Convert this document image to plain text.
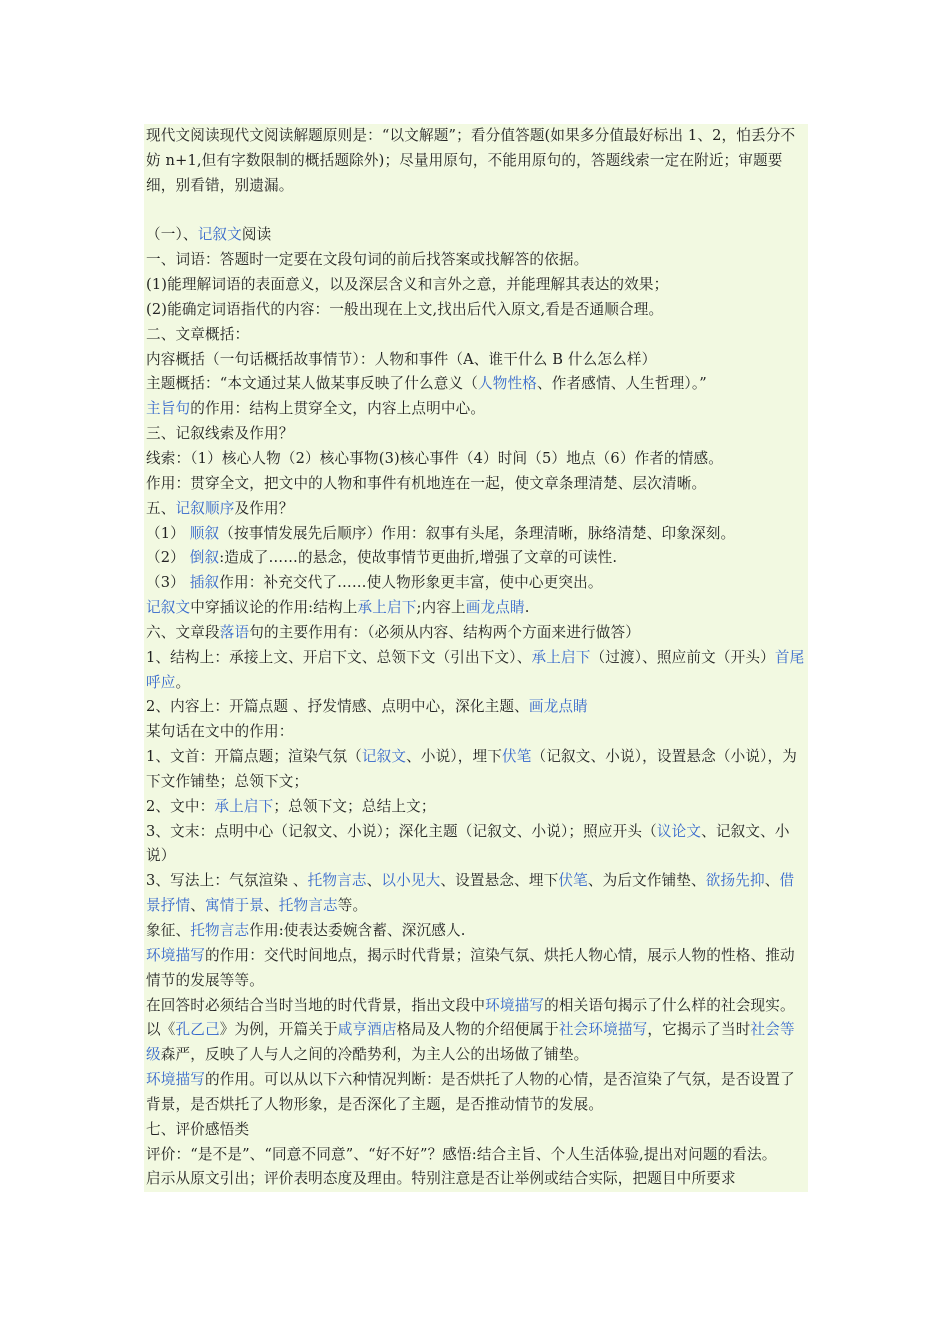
现代文阅读现代文阅读解题原则是：“以文解题”；看分值答题(如果多分值最好标出 1、2，怕丢分不妨 n+1,但有字数限制的概括题除外)；尽量用原句，不能用原句的，答题线索一定在附近；审题要细，别看错，别遗漏。

（一）、记叙文阅读

一、词语：答题时一定要在文段句词的前后找答案或找解答的依据。

(1)能理解词语的表面意义，以及深层含义和言外之意，并能理解其表达的效果；

(2)能确定词语指代的内容：一般出现在上文,找出后代入原文,看是否通顺合理。

二、文章概括：

内容概括（一句话概括故事情节）：人物和事件（A、谁干什么 B 什么怎么样）

主题概括：“本文通过某人做某事反映了什么意义（人物性格、作者感情、人生哲理）。”

主旨句的作用：结构上贯穿全文，内容上点明中心。

三、记叙线索及作用？

线索：（1）核心人物（2）核心事物(3)核心事件（4）时间（5）地点（6）作者的情感。

作用：贯穿全文，把文中的人物和事件有机地连在一起，使文章条理清楚、层次清晰。

五、记叙顺序及作用？

（1） 顺叙（按事情发展先后顺序）作用：叙事有头尾，条理清晰，脉络清楚、印象深刻。

（2） 倒叙:造成了……的悬念，使故事情节更曲折,增强了文章的可读性.

（3） 插叙作用：补充交代了……使人物形象更丰富，使中心更突出。

记叙文中穿插议论的作用:结构上承上启下;内容上画龙点睛.

六、文章段落语句的主要作用有：（必须从内容、结构两个方面来进行做答）

1、结构上：承接上文、开启下文、总领下文（引出下文）、承上启下（过渡）、照应前文（开头）首尾呼应。

2、内容上：开篇点题 、抒发情感、点明中心，深化主题、画龙点睛

某句话在文中的作用：

1、文首：开篇点题；渲染气氛（记叙文、小说），埋下伏笔（记叙文、小说），设置悬念（小说），为下文作铺垫；总领下文；

2、文中：承上启下；总领下文；总结上文；

3、文末：点明中心（记叙文、小说）；深化主题（记叙文、小说）；照应开头（议论文、记叙文、小说）

3、写法上：气氛渲染 、托物言志、以小见大、设置悬念、埋下伏笔、为后文作铺垫、欲扬先抑、借景抒情、寓情于景、托物言志等。

象征、托物言志作用:使表达委婉含蓄、深沉感人.

环境描写的作用：交代时间地点，揭示时代背景；渲染气氛、烘托人物心情，展示人物的性格、推动情节的发展等等。

在回答时必须结合当时当地的时代背景，指出文段中环境描写的相关语句揭示了什么样的社会现实。以《孔乙己》为例，开篇关于咸亨酒店格局及人物的介绍便属于社会环境描写，它揭示了当时社会等级森严，反映了人与人之间的冷酷势利，为主人公的出场做了铺垫。

环境描写的作用。可以从以下六种情况判断：是否烘托了人物的心情，是否渲染了气氛，是否设置了背景，是否烘托了人物形象，是否深化了主题，是否推动情节的发展。

七、评价感悟类

评价：“是不是”、“同意不同意”、“好不好”？感悟:结合主旨、个人生活体验,提出对问题的看法。

启示从原文引出；评价表明态度及理由。特别注意是否让举例或结合实际，把题目中所要求
